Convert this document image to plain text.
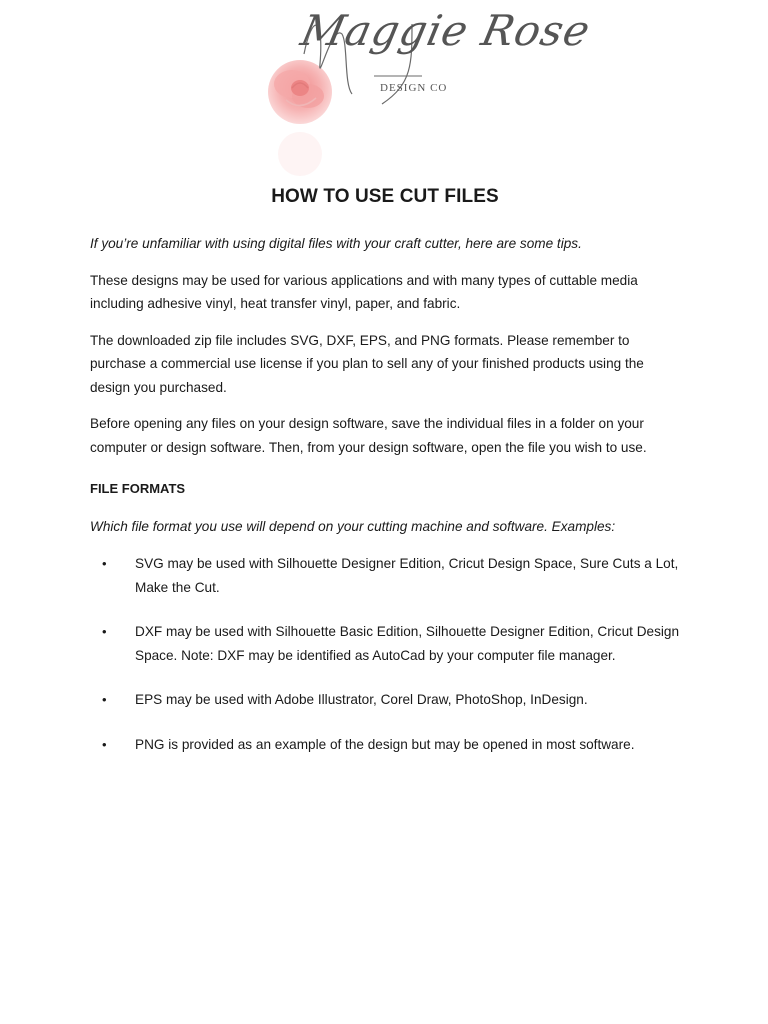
Maggie Rose
DESIGN CO
HOW TO USE CUT FILES

If you’re unfamiliar with using digital files with your craft cutter, here are some tips.

These designs may be used for various applications and with many types of cuttable media including adhesive vinyl, heat transfer vinyl, paper, and fabric.

The downloaded zip file includes SVG, DXF, EPS, and PNG formats. Please remember to purchase a commercial use license if you plan to sell any of your finished products using the design you purchased.

Before opening any files on your design software, save the individual files in a folder on your computer or design software. Then, from your design software, open the file you wish to use.

FILE FORMATS

Which file format you use will depend on your cutting machine and software. Examples:

• SVG may be used with Silhouette Designer Edition, Cricut Design Space, Sure Cuts a Lot, Make the Cut.
• DXF may be used with Silhouette Basic Edition, Silhouette Designer Edition, Cricut Design Space. Note: DXF may be identified as AutoCad by your computer file manager.
• EPS may be used with Adobe Illustrator, Corel Draw, PhotoShop, InDesign.
• PNG is provided as an example of the design but may be opened in most software.
